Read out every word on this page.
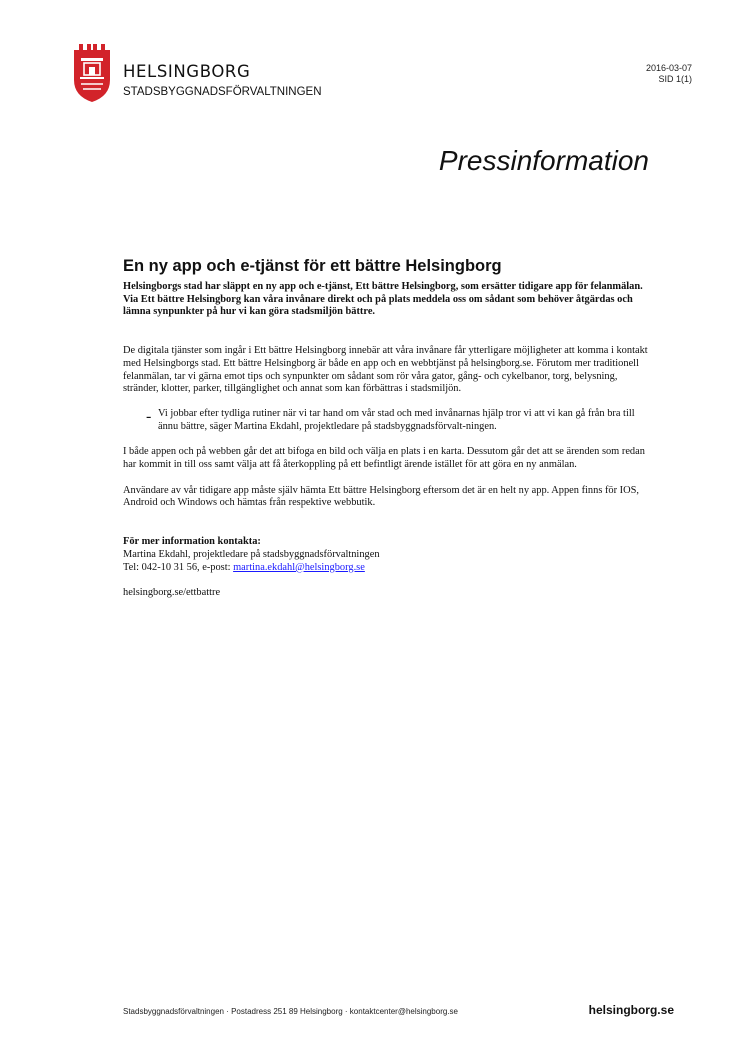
HELSINGBORG
STADSBYGGNADSFÖRVALTNINGEN
2016-03-07
SID 1(1)
Pressinformation
En ny app och e-tjänst för ett bättre Helsingborg

Helsingborgs stad har släppt en ny app och e-tjänst, Ett bättre Helsingborg, som ersätter tidigare app för felanmälan. Via Ett bättre Helsingborg kan våra invånare direkt och på plats meddela oss om sådant som behöver åtgärdas och lämna synpunkter på hur vi kan göra stadsmiljön bättre.

De digitala tjänster som ingår i Ett bättre Helsingborg innebär att våra invånare får ytterligare möjligheter att komma i kontakt med Helsingborgs stad. Ett bättre Helsingborg är både en app och en webbtjänst på helsingborg.se. Förutom mer traditionell felanmälan, tar vi gärna emot tips och synpunkter om sådant som rör våra gator, gång- och cykelbanor, torg, belysning, stränder, klotter, parker, tillgänglighet och annat som kan förbättras i stadsmiljön.

- Vi jobbar efter tydliga rutiner när vi tar hand om vår stad och med invånarnas hjälp tror vi att vi kan gå från bra till ännu bättre, säger Martina Ekdahl, projektledare på stadsbyggnadsförvalt-ningen.

I både appen och på webben går det att bifoga en bild och välja en plats i en karta. Dessutom går det att se ärenden som redan har kommit in till oss samt välja att få återkoppling på ett befintligt ärende istället för att göra en ny anmälan.

Användare av vår tidigare app måste själv hämta Ett bättre Helsingborg eftersom det är en helt ny app. Appen finns för IOS, Android och Windows och hämtas från respektive webbutik.

För mer information kontakta:

Martina Ekdahl, projektledare på stadsbyggnadsförvaltningen

Tel: 042-10 31 56, e-post: martina.ekdahl@helsingborg.se

helsingborg.se/ettbattre

Stadsbyggnadsförvaltningen · Postadress 251 89 Helsingborg · kontaktcenter@helsingborg.se	helsingborg.se
